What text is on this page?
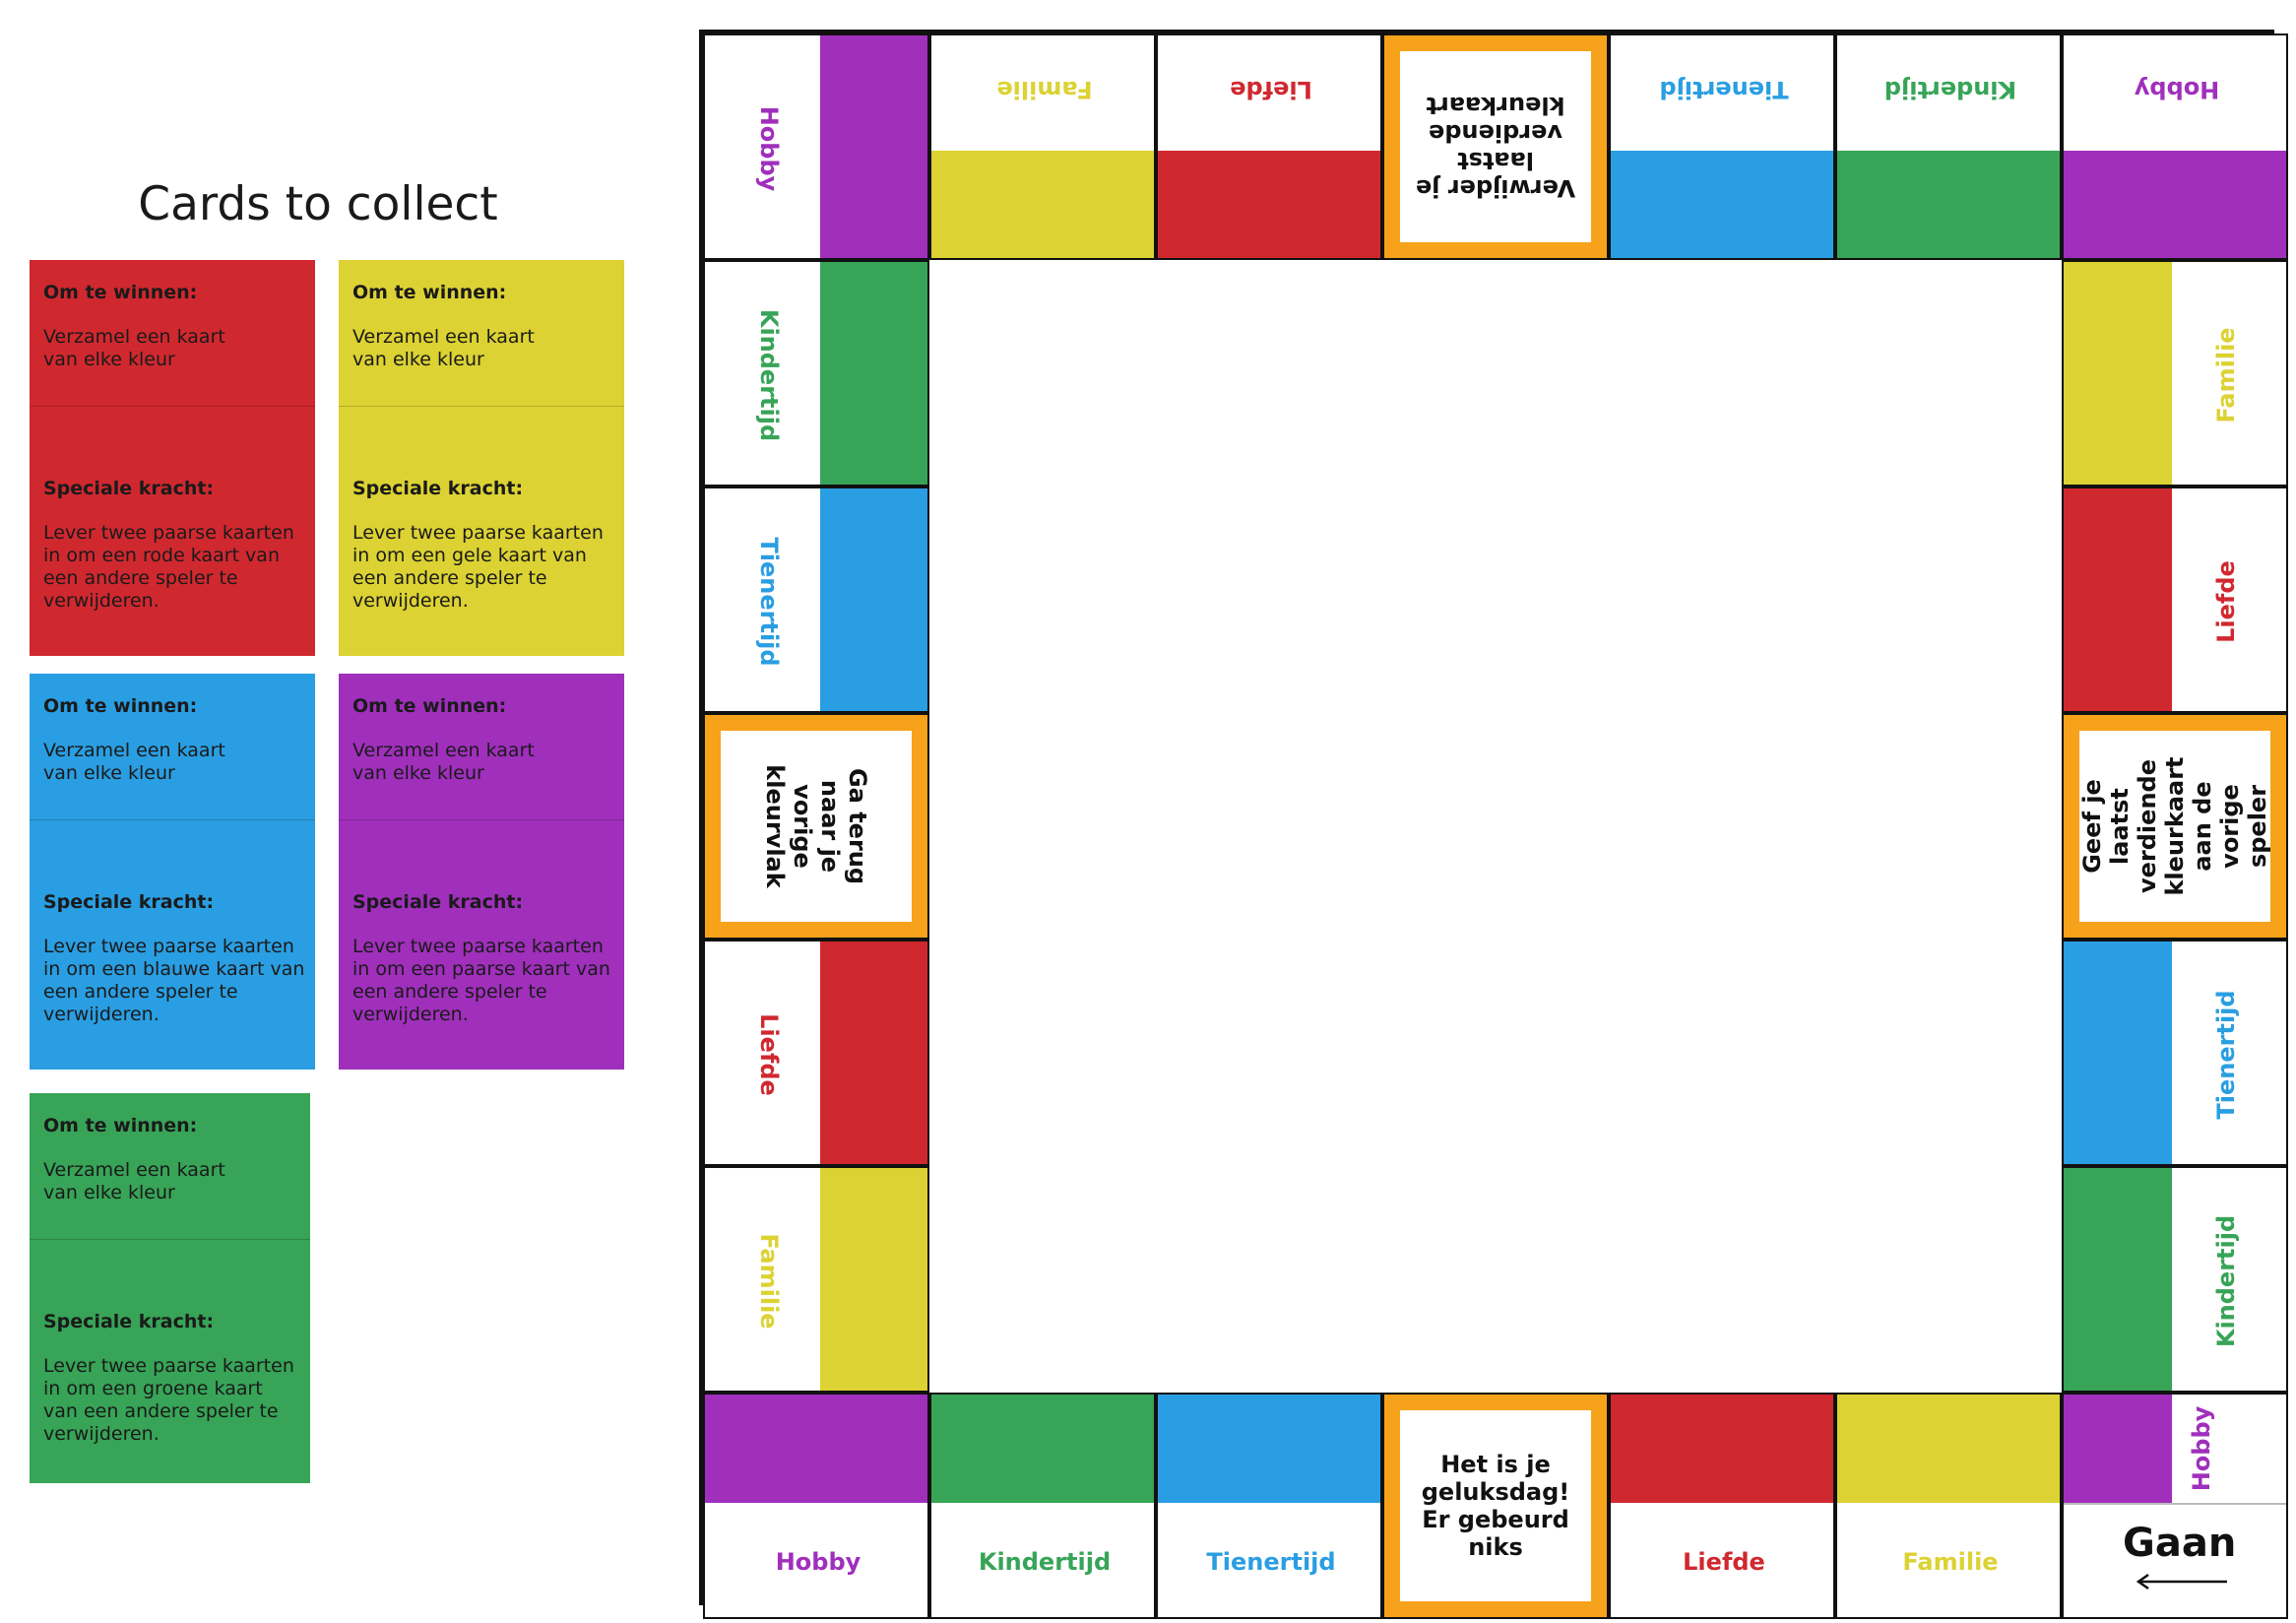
Cards to collect
Om te winnen:
Verzamel een kaart van elke kleur
Speciale kracht:
Lever twee paarse kaarten in om een rode kaart van een andere speler te verwijderen.
Om te winnen:
Verzamel een kaart van elke kleur
Speciale kracht:
Lever twee paarse kaarten in om een gele kaart van een andere speler te verwijderen.
Om te winnen:
Verzamel een kaart van elke kleur
Speciale kracht:
Lever twee paarse kaarten in om een blauwe kaart van een andere speler te verwijderen.
Om te winnen:
Verzamel een kaart van elke kleur
Speciale kracht:
Lever twee paarse kaarten in om een paarse kaart van een andere speler te verwijderen.
Om te winnen:
Verzamel een kaart van elke kleur
Speciale kracht:
Lever twee paarse kaarten in om een groene kaart van een andere speler te verwijderen.
Hobby
Familie	Liefde
Verwijder je laatst verdiende kleurkaart
Tienertijd	Kindertijd	Hobby
Kindertijd
Tienertijd
Ga terug naar je vorige kleurvlak
Liefde
Familie
Familie
Liefde
Geef je laatst verdiende kleurkaart aan de vorige speler
Tienertijd
Kindertijd
Hobby	Kindertijd	Tienertijd
Het is je geluksdag! Er gebeurd niks
Liefde	Familie
Hobby
Gaan
